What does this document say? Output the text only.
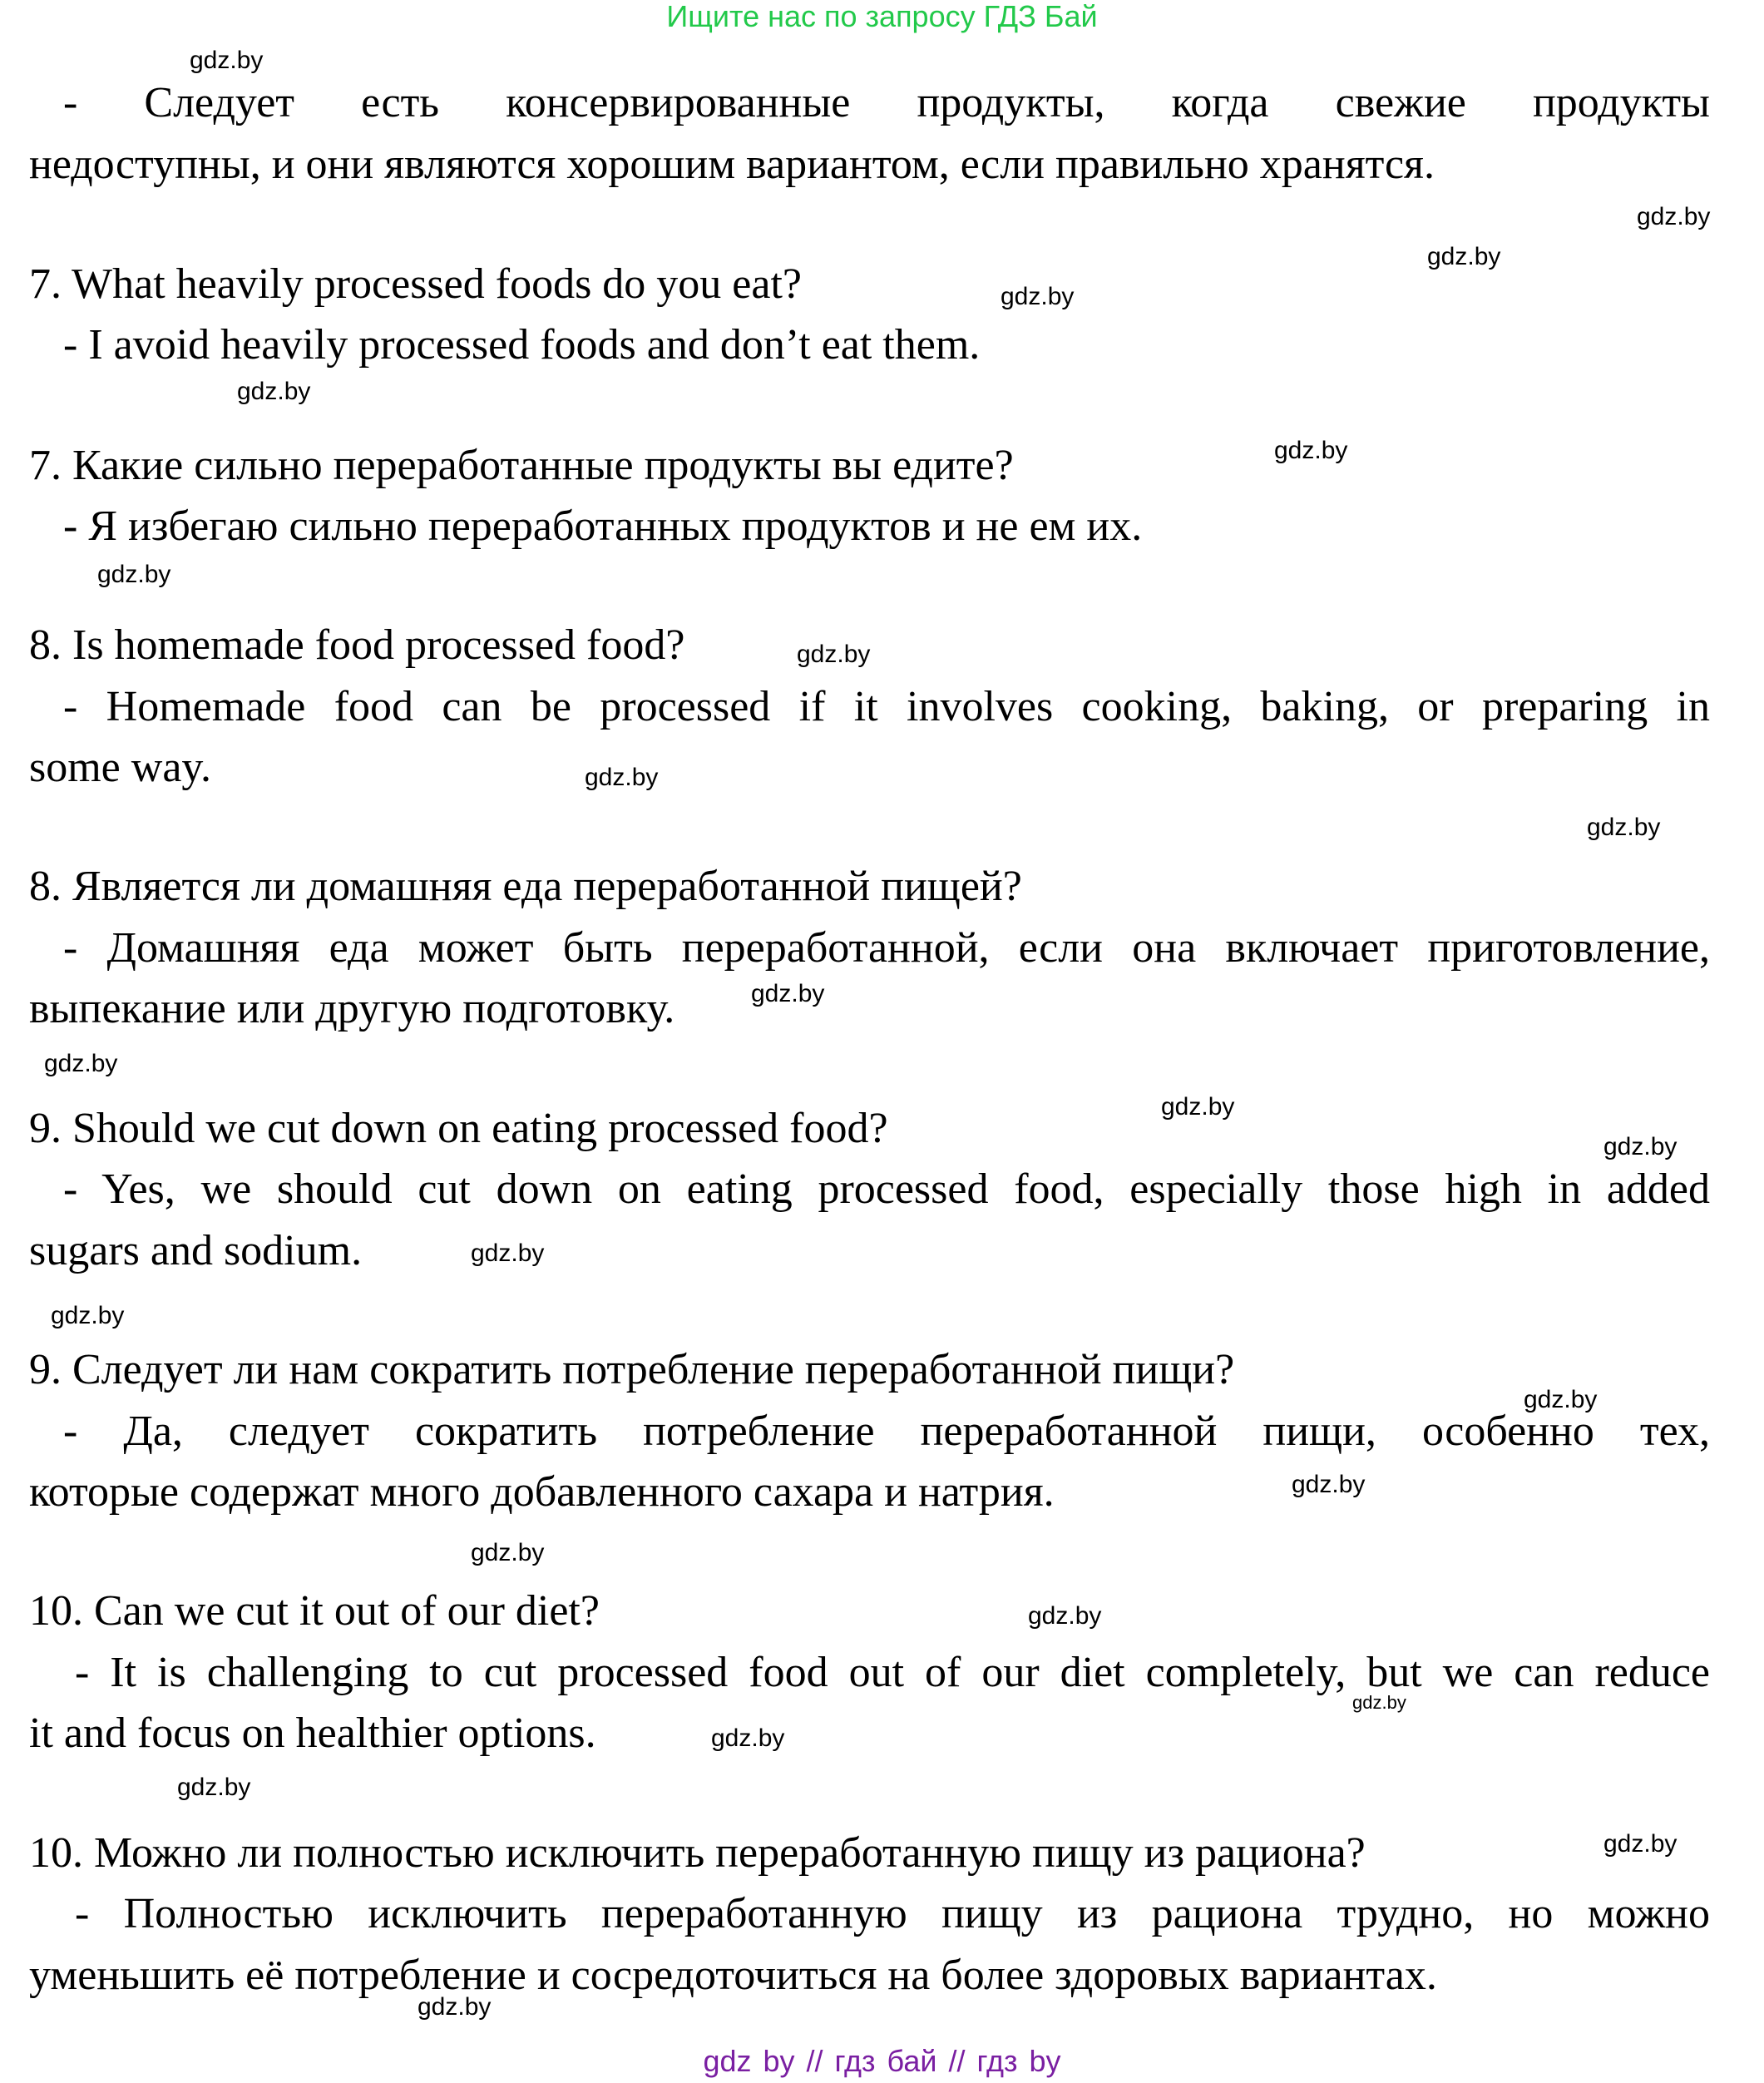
Ищите нас по запросу ГДЗ Бай
- Следует есть консервированные продукты, когда свежие продукты
недоступны, и они являются хорошим вариантом, если правильно хранятся.
7. What heavily processed foods do you eat?
- I avoid heavily processed foods and don’t eat them.
7. Какие сильно переработанные продукты вы едите?
- Я избегаю сильно переработанных продуктов и не ем их.
8. Is homemade food processed food?
- Homemade food can be processed if it involves cooking, baking, or preparing in
some way.
8. Является ли домашняя еда переработанной пищей?
- Домашняя еда может быть переработанной, если она включает приготовление,
выпекание или другую подготовку.
9. Should we cut down on eating processed food?
- Yes, we should cut down on eating processed food, especially those high in added
sugars and sodium.
9. Следует ли нам сократить потребление переработанной пищи?
- Да, следует сократить потребление переработанной пищи, особенно тех,
которые содержат много добавленного сахара и натрия.
10. Can we cut it out of our diet?
- It is challenging to cut processed food out of our diet completely, but we can reduce
it and focus on healthier options.
10. Можно ли полностью исключить переработанную пищу из рациона?
- Полностью исключить переработанную пищу из рациона трудно, но можно
уменьшить её потребление и сосредоточиться на более здоровых вариантах.
gdz.by
gdz.by
gdz.by
gdz.by
gdz.by
gdz.by
gdz.by
gdz.by
gdz.by
gdz.by
gdz.by
gdz.by
gdz.by
gdz.by
gdz.by
gdz.by
gdz.by
gdz.by
gdz.by
gdz.by
gdz.by
gdz.by
gdz.by
gdz.by
gdz.by
gdz by // гдз бай // гдз by
